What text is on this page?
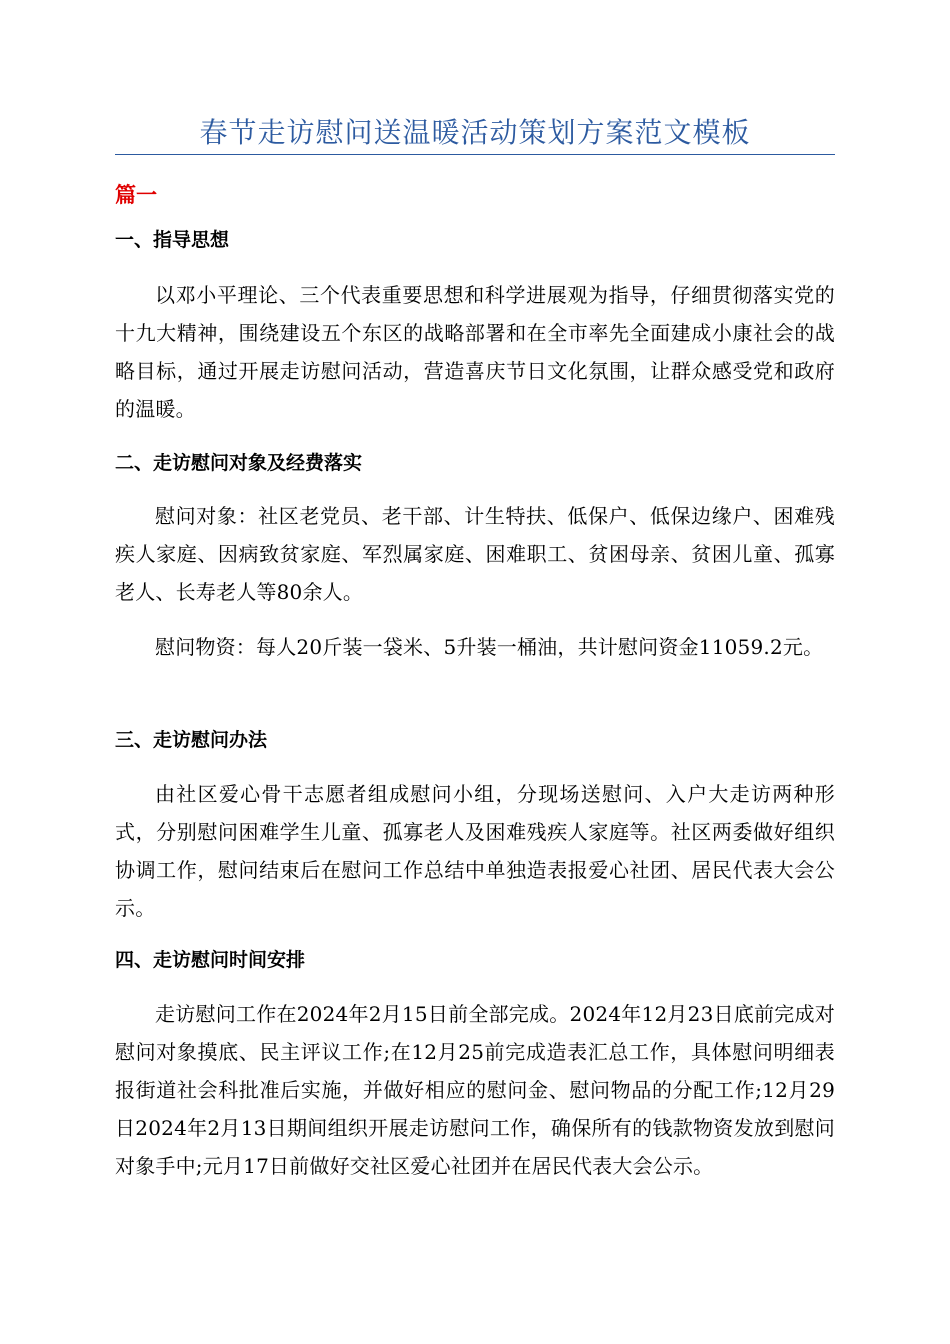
春节走访慰问送温暖活动策划方案范文模板
篇一
一、指导思想
以邓小平理论、三个代表重要思想和科学进展观为指导，仔细贯彻落实党的十九大精神，围绕建设五个东区的战略部署和在全市率先全面建成小康社会的战略目标，通过开展走访慰问活动，营造喜庆节日文化氛围，让群众感受党和政府的温暖。
二、走访慰问对象及经费落实
慰问对象：社区老党员、老干部、计生特扶、低保户、低保边缘户、困难残疾人家庭、因病致贫家庭、军烈属家庭、困难职工、贫困母亲、贫困儿童、孤寡老人、长寿老人等80余人。
慰问物资：每人20斤装一袋米、5升装一桶油，共计慰问资金11059.2元。
三、走访慰问办法
由社区爱心骨干志愿者组成慰问小组，分现场送慰问、入户大走访两种形式，分别慰问困难学生儿童、孤寡老人及困难残疾人家庭等。社区两委做好组织协调工作，慰问结束后在慰问工作总结中单独造表报爱心社团、居民代表大会公示。
四、走访慰问时间安排
走访慰问工作在2024年2月15日前全部完成。2024年12月23日底前完成对慰问对象摸底、民主评议工作;在12月25前完成造表汇总工作，具体慰问明细表报街道社会科批准后实施，并做好相应的慰问金、慰问物品的分配工作;12月29日2024年2月13日期间组织开展走访慰问工作，确保所有的钱款物资发放到慰问对象手中;元月17日前做好交社区爱心社团并在居民代表大会公示。
